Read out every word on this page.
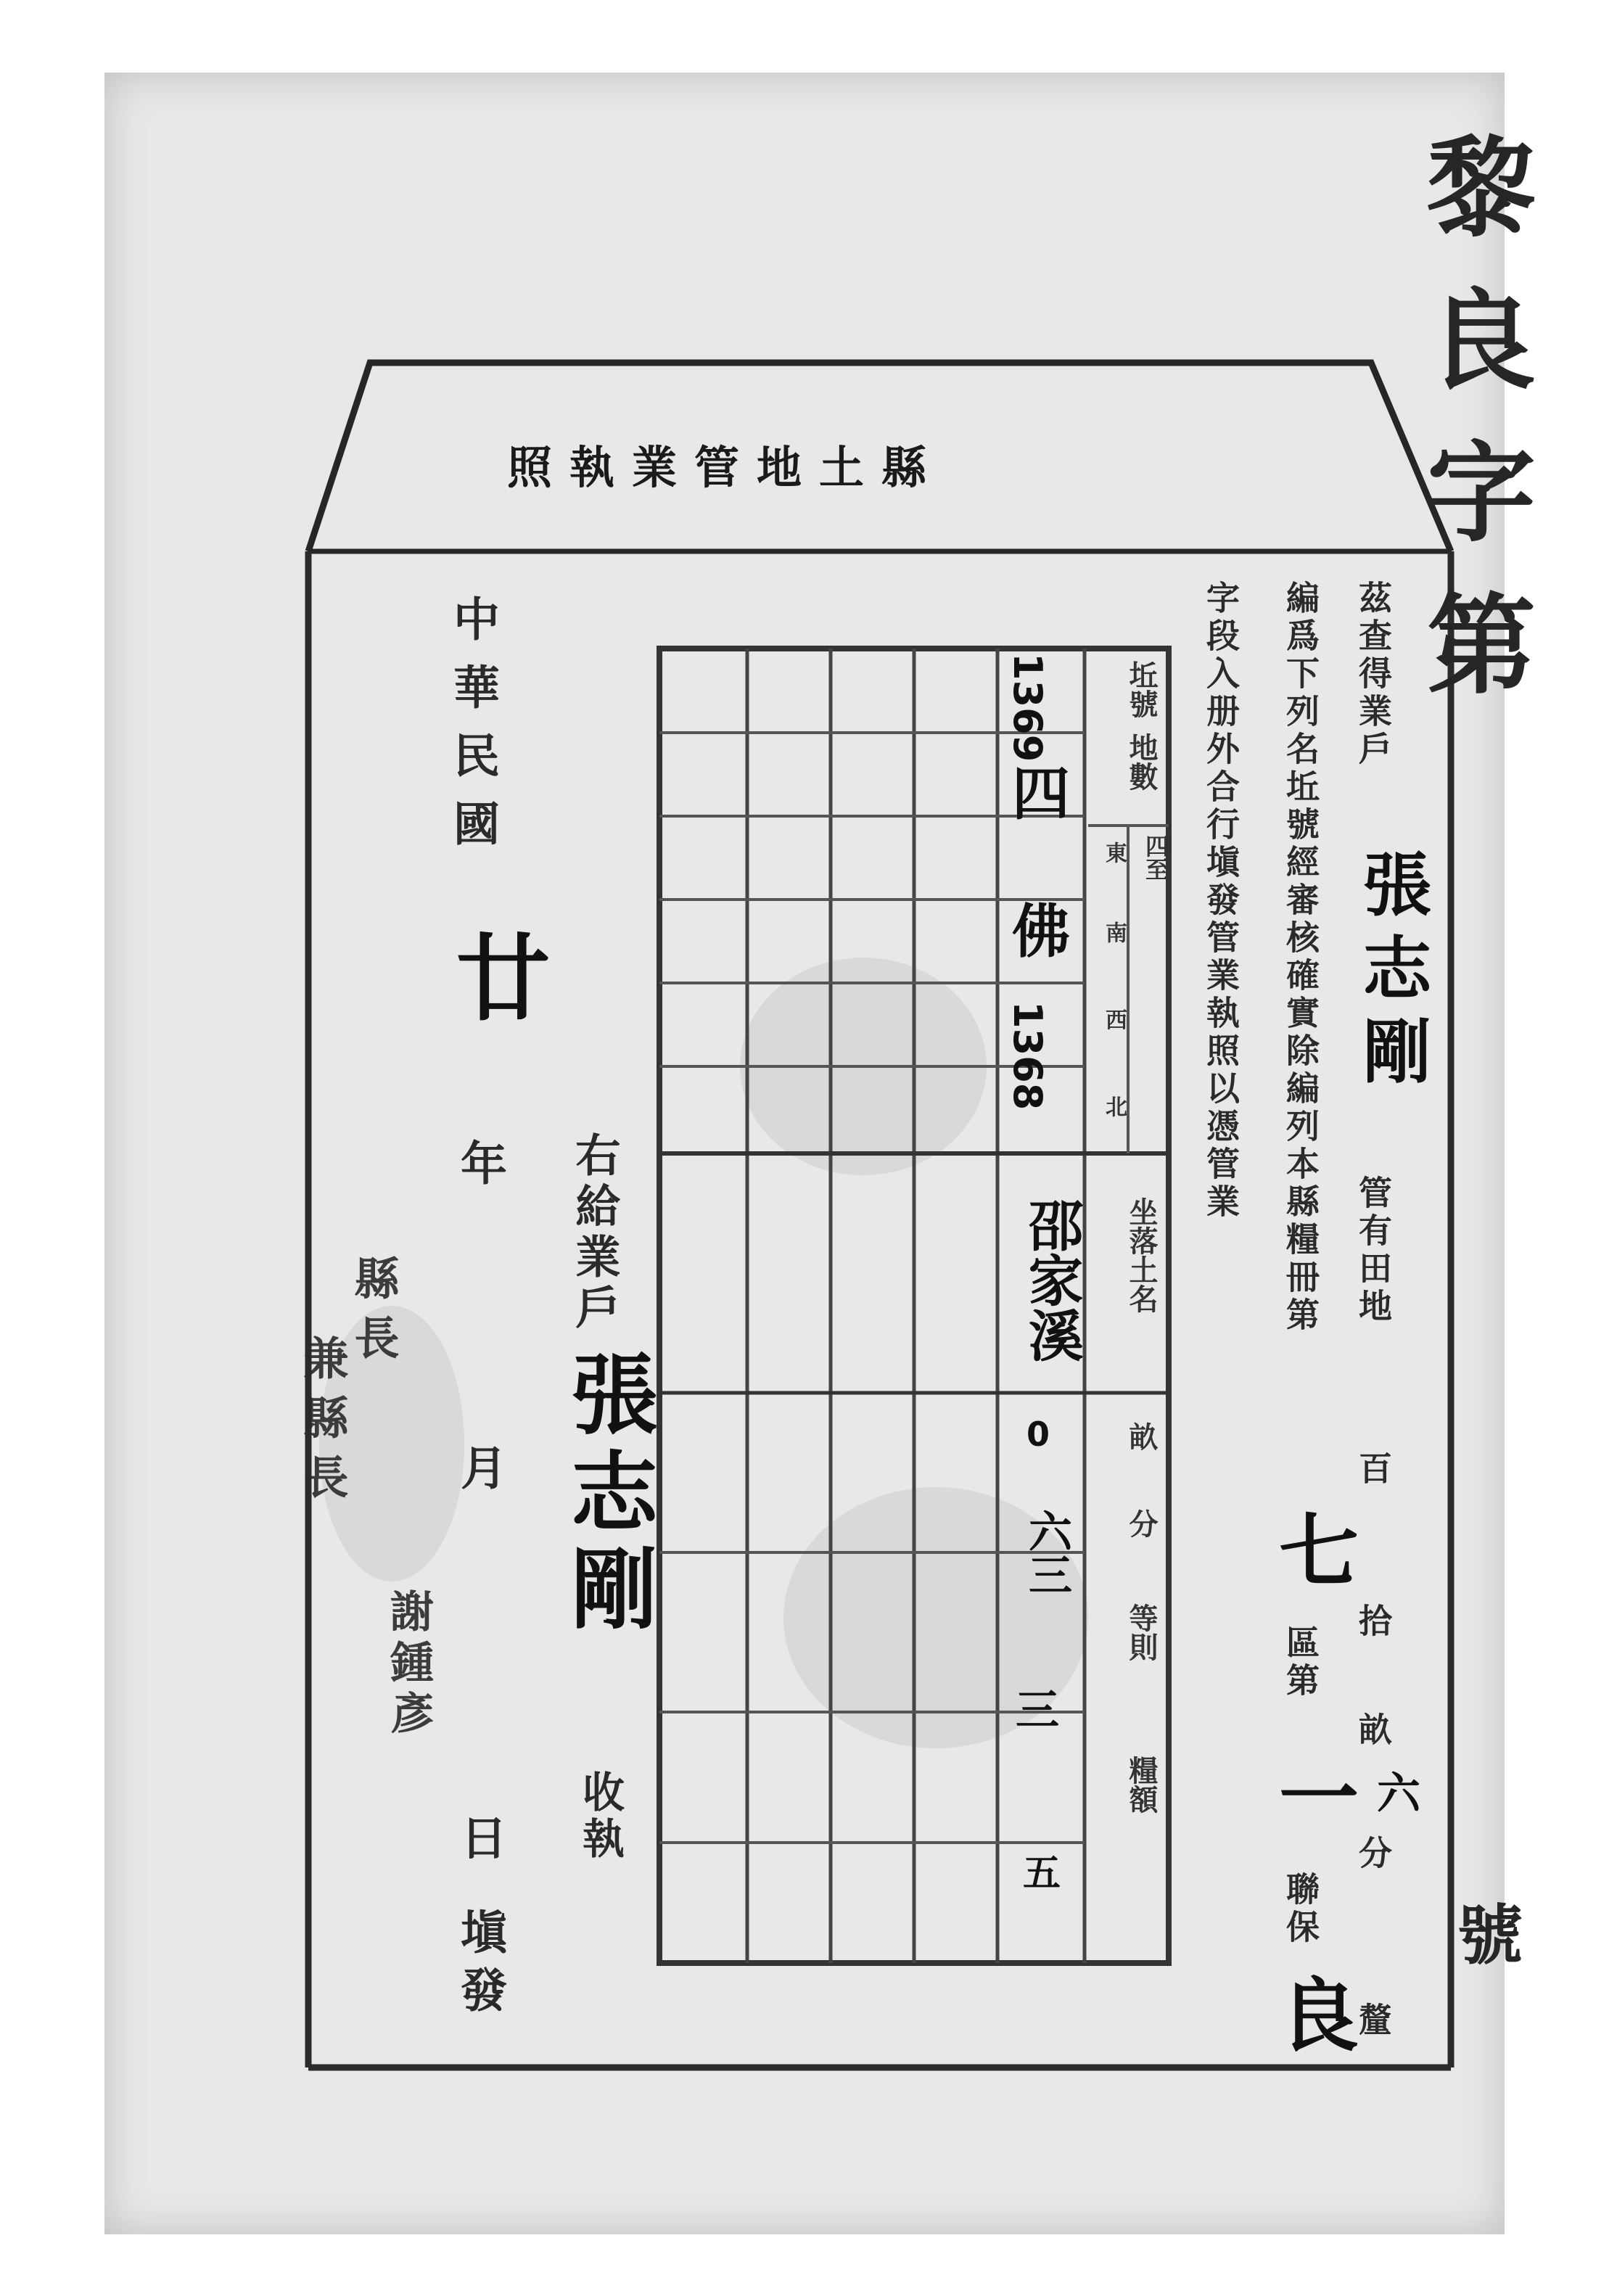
縣土地管業執照	黎良字第
號
茲查得業戶
張志剛
管有田地
百
拾
畝
六
分
釐
編爲下列名坵號經審核確實除編列本縣糧冊第
七
區第
一
聯保
良
字段入册外合行塡發管業執照以憑管業
坵號
地數
四至
東
南
西
北
坐落土名
畝
分
等則
糧額
1369
四
佛
1368
邵家溪
0
六三
三
五
右給業戶
張志剛
收執
中華民國
廿
年
月
日
塡發
縣長
兼縣長
謝鍾彥
